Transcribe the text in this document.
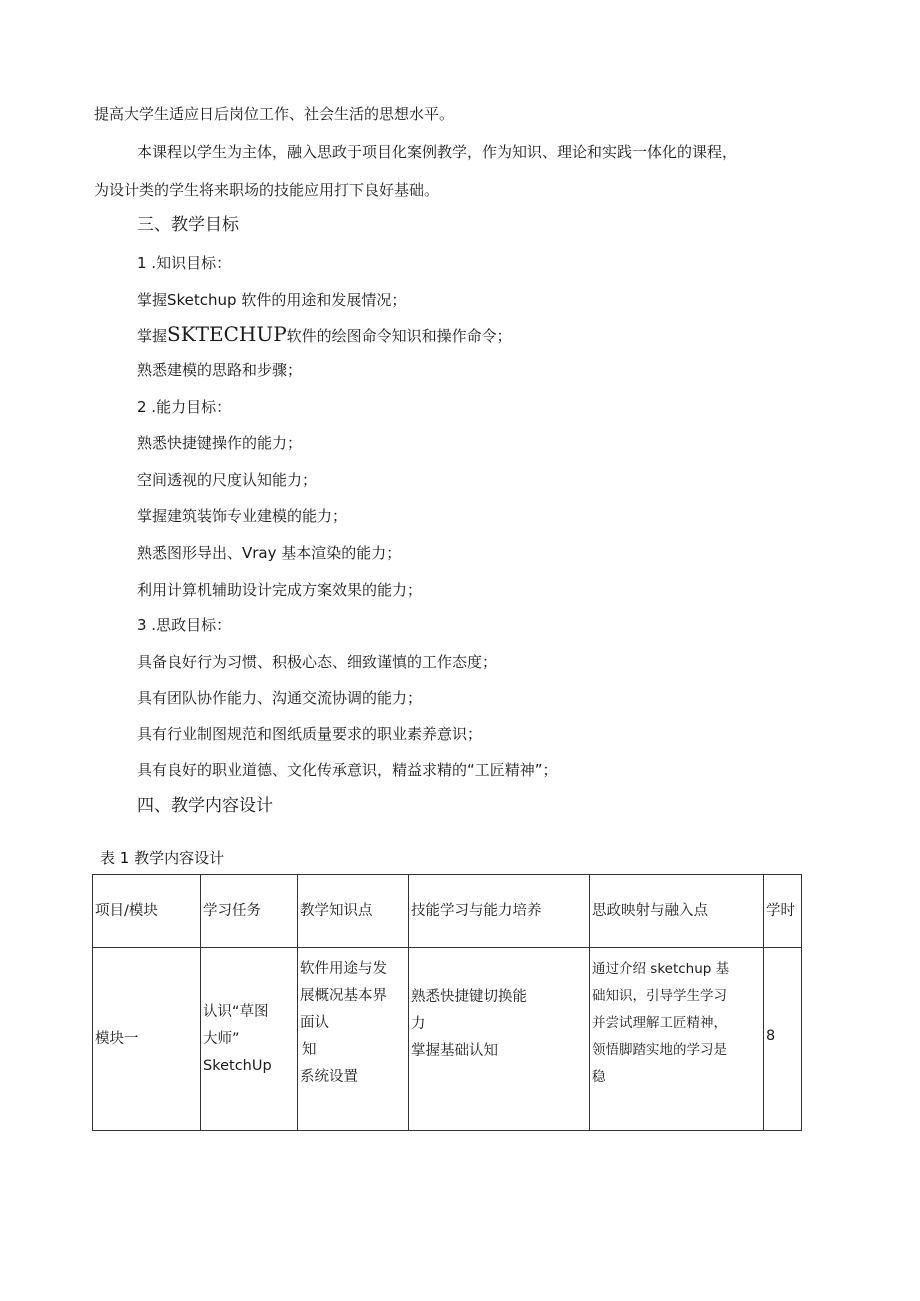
提高大学生适应日后岗位工作、社会生活的思想水平。
本课程以学生为主体，融入思政于项目化案例教学，作为知识、理论和实践一体化的课程，
为设计类的学生将来职场的技能应用打下良好基础。
三、教学目标
1 .知识目标：
掌握Sketchup 软件的用途和发展情况；
掌握SKTECHUP软件的绘图命令知识和操作命令；
熟悉建模的思路和步骤；
2 .能力目标：
熟悉快捷键操作的能力；
空间透视的尺度认知能力；
掌握建筑装饰专业建模的能力；
熟悉图形导出、Vray 基本渲染的能力；
利用计算机辅助设计完成方案效果的能力；
3 .思政目标：
具备良好行为习惯、积极心态、细致谨慎的工作态度；
具有团队协作能力、沟通交流协调的能力；
具有行业制图规范和图纸质量要求的职业素养意识；
具有良好的职业道德、文化传承意识，精益求精的“工匠精神”；
四、教学内容设计
表 1 教学内容设计
项目/模块	学习任务	教学知识点	技能学习与能力培养	思政映射与融入点	学时
模块一	认识“草图
大师”
SketchUp	软件用途与发
展概况基本界
面认
知
系统设置	熟悉快捷键切换能
力
掌握基础认知	通过介绍 sketchup 基
础知识，引导学生学习
并尝试理解工匠精神，
领悟脚踏实地的学习是
稳	8
